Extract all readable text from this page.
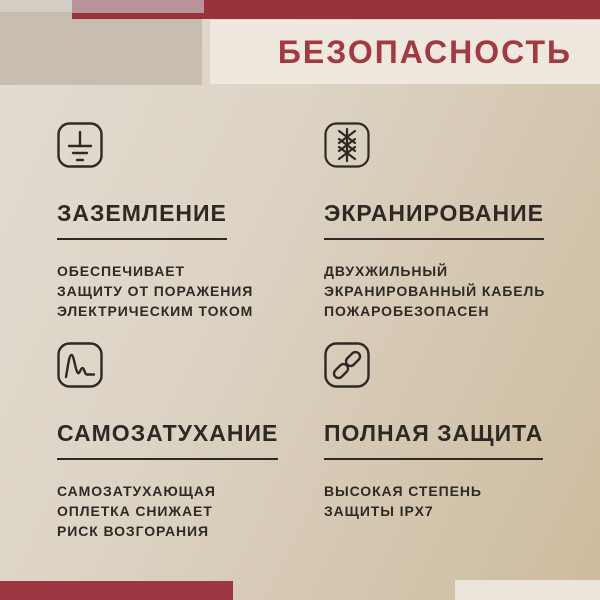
БЕЗОПАСНОСТЬ

ЗАЗЕМЛЕНИЕ
ОБЕСПЕЧИВАЕТ
ЗАЩИТУ ОТ ПОРАЖЕНИЯ
ЭЛЕКТРИЧЕСКИМ ТОКОМ

ЭКРАНИРОВАНИЕ
ДВУХЖИЛЬНЫЙ
ЭКРАНИРОВАННЫЙ КАБЕЛЬ
ПОЖАРОБЕЗОПАСЕН

САМОЗАТУХАНИЕ
САМОЗАТУХАЮЩАЯ
ОПЛЕТКА СНИЖАЕТ
РИСК ВОЗГОРАНИЯ

ПОЛНАЯ ЗАЩИТА
ВЫСОКАЯ СТЕПЕНЬ
ЗАЩИТЫ IPX7
